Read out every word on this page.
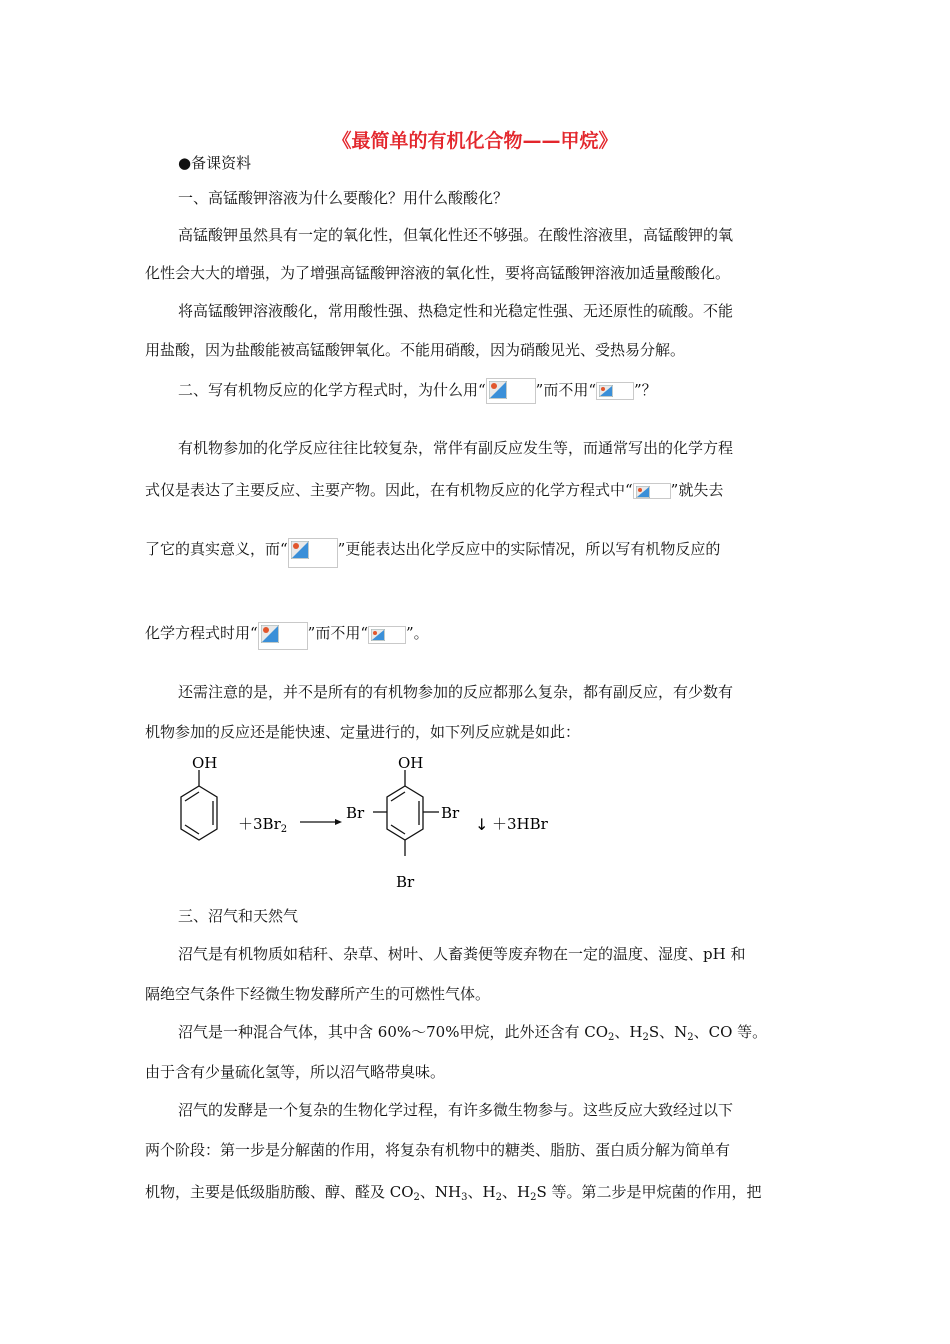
《最简单的有机化合物——甲烷》
●备课资料
一、高锰酸钾溶液为什么要酸化？用什么酸酸化？
高锰酸钾虽然具有一定的氧化性，但氧化性还不够强。在酸性溶液里，高锰酸钾的氧
化性会大大的增强，为了增强高锰酸钾溶液的氧化性，要将高锰酸钾溶液加适量酸酸化。
将高锰酸钾溶液酸化，常用酸性强、热稳定性和光稳定性强、无还原性的硫酸。不能
用盐酸，因为盐酸能被高锰酸钾氧化。不能用硝酸，因为硝酸见光、受热易分解。
二、写有机物反应的化学方程式时，为什么用“	”而不用“	”？
有机物参加的化学反应往往比较复杂，常伴有副反应发生等，而通常写出的化学方程
式仅是表达了主要反应、主要产物。因此，在有机物反应的化学方程式中“	”就失去
了它的真实意义，而“	”更能表达出化学反应中的实际情况，所以写有机物反应的
化学方程式时用“	”而不用“	”。
还需注意的是，并不是所有的有机物参加的反应都那么复杂，都有副反应，有少数有
机物参加的反应还是能快速、定量进行的，如下列反应就是如此：
OH
$+3Br_2$
OH
Br	Br
Br
↓ ＋3HBr
三、沼气和天然气
沼气是有机物质如秸秆、杂草、树叶、人畜粪便等废弃物在一定的温度、湿度、pH 和
隔绝空气条件下经微生物发酵所产生的可燃性气体。
沼气是一种混合气体，其中含 60%～70%甲烷，此外还含有 $CO_2$、$H_2S$、$N_2$、CO 等。
由于含有少量硫化氢等，所以沼气略带臭味。
沼气的发酵是一个复杂的生物化学过程，有许多微生物参与。这些反应大致经过以下
两个阶段：第一步是分解菌的作用，将复杂有机物中的糖类、脂肪、蛋白质分解为简单有
机物，主要是低级脂肪酸、醇、醛及 $CO_2$、$NH_3$、$H_2$、$H_2S$ 等。第二步是甲烷菌的作用，把
